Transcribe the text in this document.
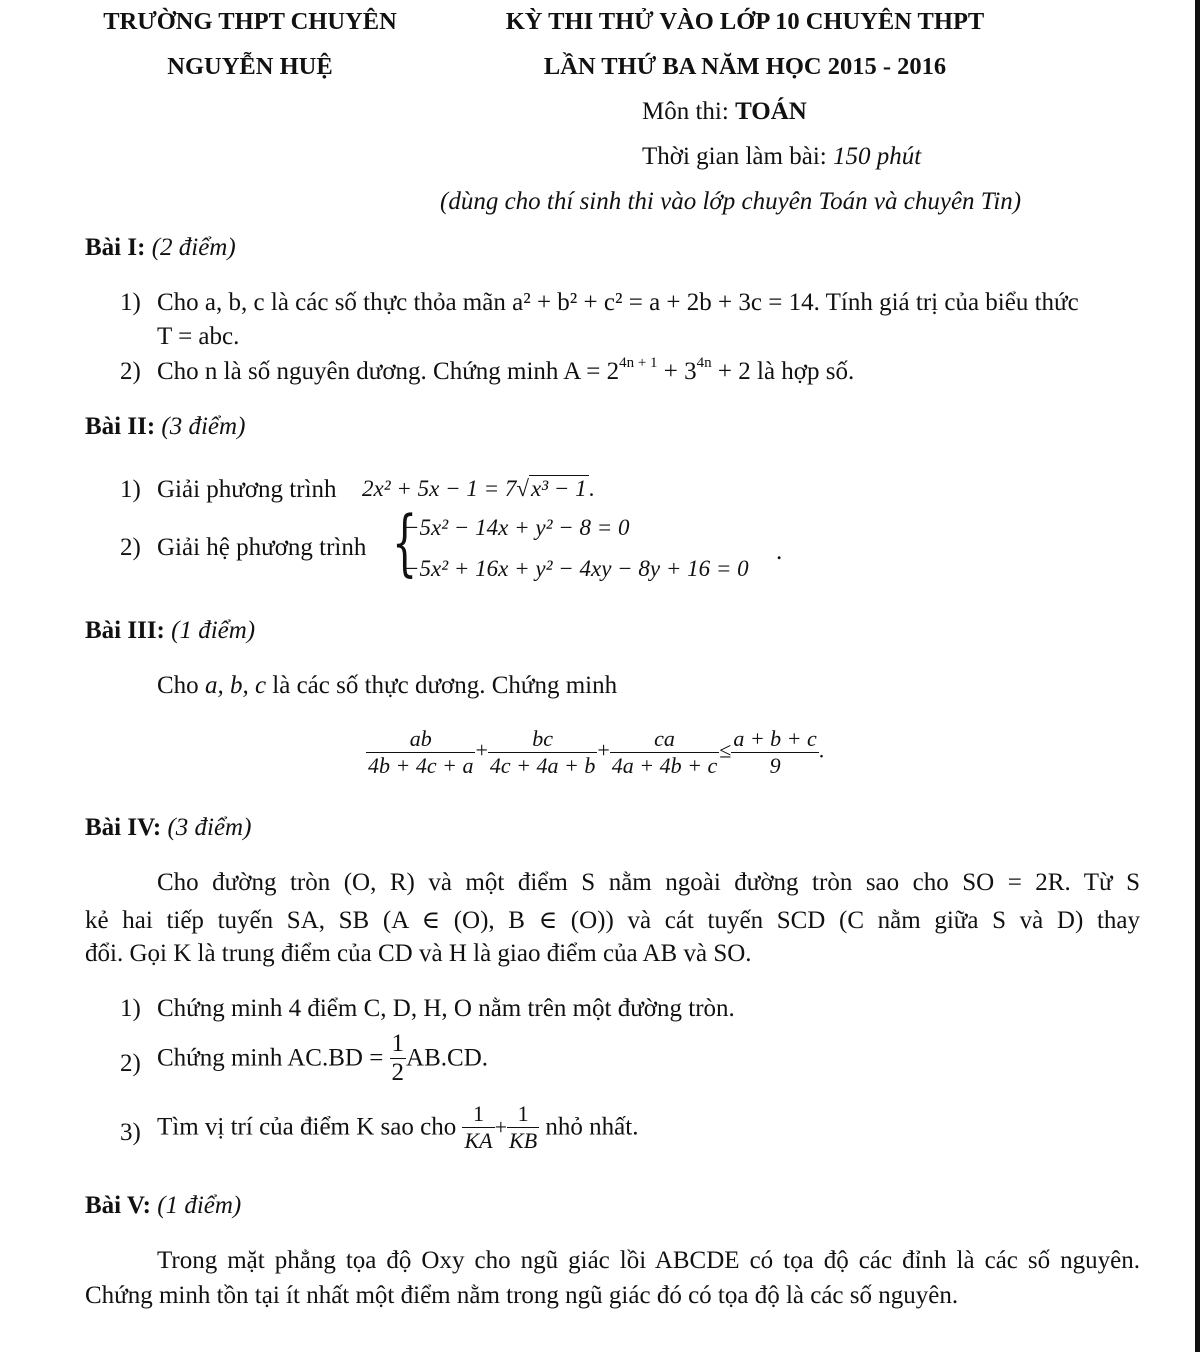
TRƯỜNG THPT CHUYÊN
NGUYỄN HUỆ
KỲ THI THỬ VÀO LỚP 10 CHUYÊN THPT
LẦN THỨ BA NĂM HỌC 2015 - 2016
Môn thi: TOÁN
Thời gian làm bài: 150 phút
(dùng cho thí sinh thi vào lớp chuyên Toán và chuyên Tin)
Bài I: (2 điểm)
1) Cho a, b, c là các số thực thỏa mãn a² + b² + c² = a + 2b + 3c = 14. Tính giá trị của biểu thức
T = abc.
2) Cho n là số nguyên dương. Chứng minh $A = 2^{4n + 1} + 3^{4n} + 2$ là hợp số.
Bài II: (3 điểm)
1) Giải phương trình 2x² + 5x − 1 = 7√x³ − 1.
2) Giải hệ phương trình {
−5x² − 14x + y² − 8 = 0
−5x² + 16x + y² − 4xy − 8y + 16 = 0
.
Bài III: (1 điểm)
Cho a, b, c là các số thực dương. Chứng minh
$\frac{ab}{4b + 4c + a} + \frac{bc}{4c + 4a + b} + \frac{ca}{4a + 4b + c} \le \frac{a + b + c}{9}$ .
Bài IV: (3 điểm)
Cho đường tròn (O, R) và một điểm S nằm ngoài đường tròn sao cho SO = 2R. Từ S
kẻ hai tiếp tuyến SA, SB (A ∈ (O), B ∈ (O)) và cát tuyến SCD (C nằm giữa S và D) thay
đổi. Gọi K là trung điểm của CD và H là giao điểm của AB và SO.
1) Chứng minh 4 điểm C, D, H, O nằm trên một đường tròn.
2) Chứng minh $AC.BD = \frac{1}{2} AB.CD$.
3) Tìm vị trí của điểm K sao cho $\frac{1}{KA} + \frac{1}{KB}$ nhỏ nhất.
Bài V: (1 điểm)
Trong mặt phẳng tọa độ Oxy cho ngũ giác lồi ABCDE có tọa độ các đỉnh là các số nguyên.
Chứng minh tồn tại ít nhất một điểm nằm trong ngũ giác đó có tọa độ là các số nguyên.
